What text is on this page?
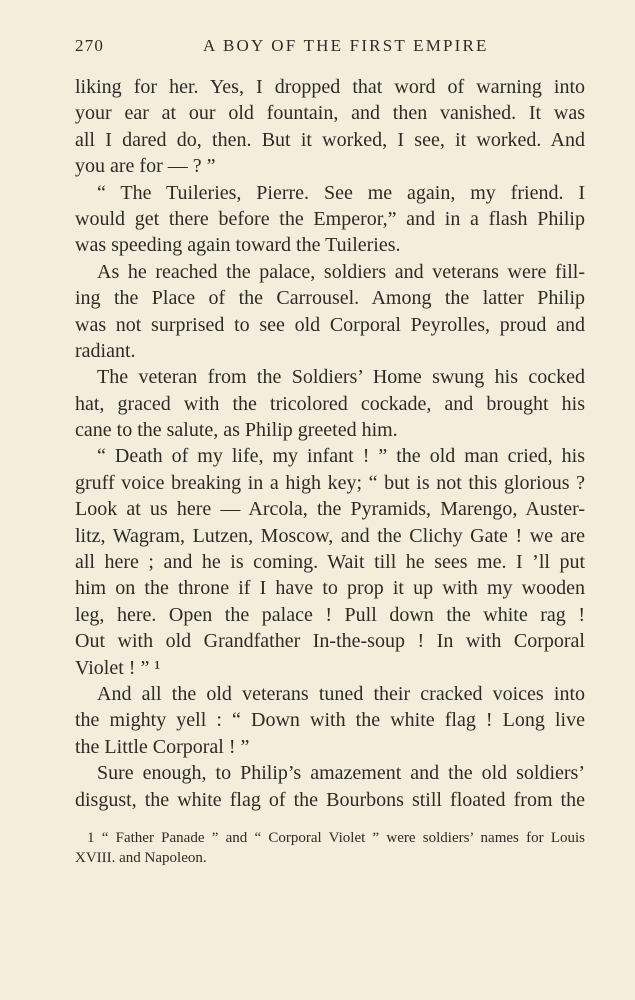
270	A BOY OF THE FIRST EMPIRE
liking for her. Yes, I dropped that word of warning into
your ear at our old fountain, and then vanished. It was
all I dared do, then. But it worked, I see, it worked. And
you are for — ? ”
“ The Tuileries, Pierre. See me again, my friend. I
would get there before the Emperor,” and in a flash Philip
was speeding again toward the Tuileries.
As he reached the palace, soldiers and veterans were fill-
ing the Place of the Carrousel. Among the latter Philip
was not surprised to see old Corporal Peyrolles, proud and
radiant.
The veteran from the Soldiers’ Home swung his cocked
hat, graced with the tricolored cockade, and brought his
cane to the salute, as Philip greeted him.
“ Death of my life, my infant ! ” the old man cried, his
gruff voice breaking in a high key; “ but is not this glorious ?
Look at us here — Arcola, the Pyramids, Marengo, Auster-
litz, Wagram, Lutzen, Moscow, and the Clichy Gate ! we are
all here ; and he is coming. Wait till he sees me. I ’ll put
him on the throne if I have to prop it up with my wooden
leg, here. Open the palace ! Pull down the white rag !
Out with old Grandfather In-the-soup ! In with Corporal
Violet ! ” ¹
And all the old veterans tuned their cracked voices into
the mighty yell : “ Down with the white flag ! Long live
the Little Corporal ! ”
Sure enough, to Philip’s amazement and the old soldiers’
disgust, the white flag of the Bourbons still floated from the
1 “ Father Panade ” and “ Corporal Violet ” were soldiers’ names for Louis
XVIII. and Napoleon.
